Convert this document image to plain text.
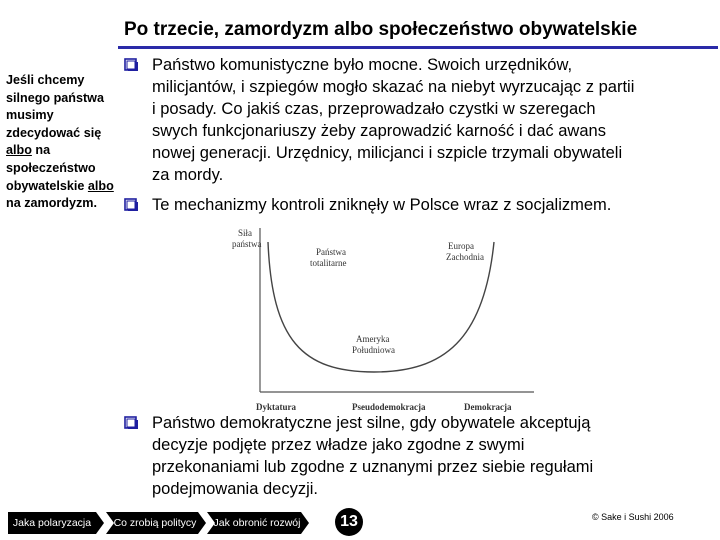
Po trzecie, zamordyzm albo społeczeństwo obywatelskie
Jeśli chcemy
silnego państwa
musimy
zdecydować się
albo na
społeczeństwo
obywatelskie albo
na zamordyzm.
Państwo komunistyczne było mocne. Swoich urzędników,
milicjantów, i szpiegów mogło skazać na niebyt wyrzucając z partii
i posady. Co jakiś czas, przeprowadzało czystki w szeregach
swych funkcjonariuszy żeby zaprowadzić karność i dać awans
nowej generacji. Urzędnicy, milicjanci i szpicle trzymali obywateli
za mordy.
Te mechanizmy kontroli zniknęły w Polsce wraz z socjalizmem.
Siła
państwa
Państwa
totalitarne
Europa
Zachodnia
Ameryka
Południowa
Dyktatura	Pseudodemokracja	Demokracja
Państwo demokratyczne jest silne, gdy obywatele akceptują
decyzje podjęte przez władze jako zgodne z swymi
przekonaniami lub zgodne z uznanymi przez siebie regułami
podejmowania decyzji.
Jaka polaryzacja	Co zrobią politycy	Jak obronić rozwój	13	© Sake i Sushi 2006
